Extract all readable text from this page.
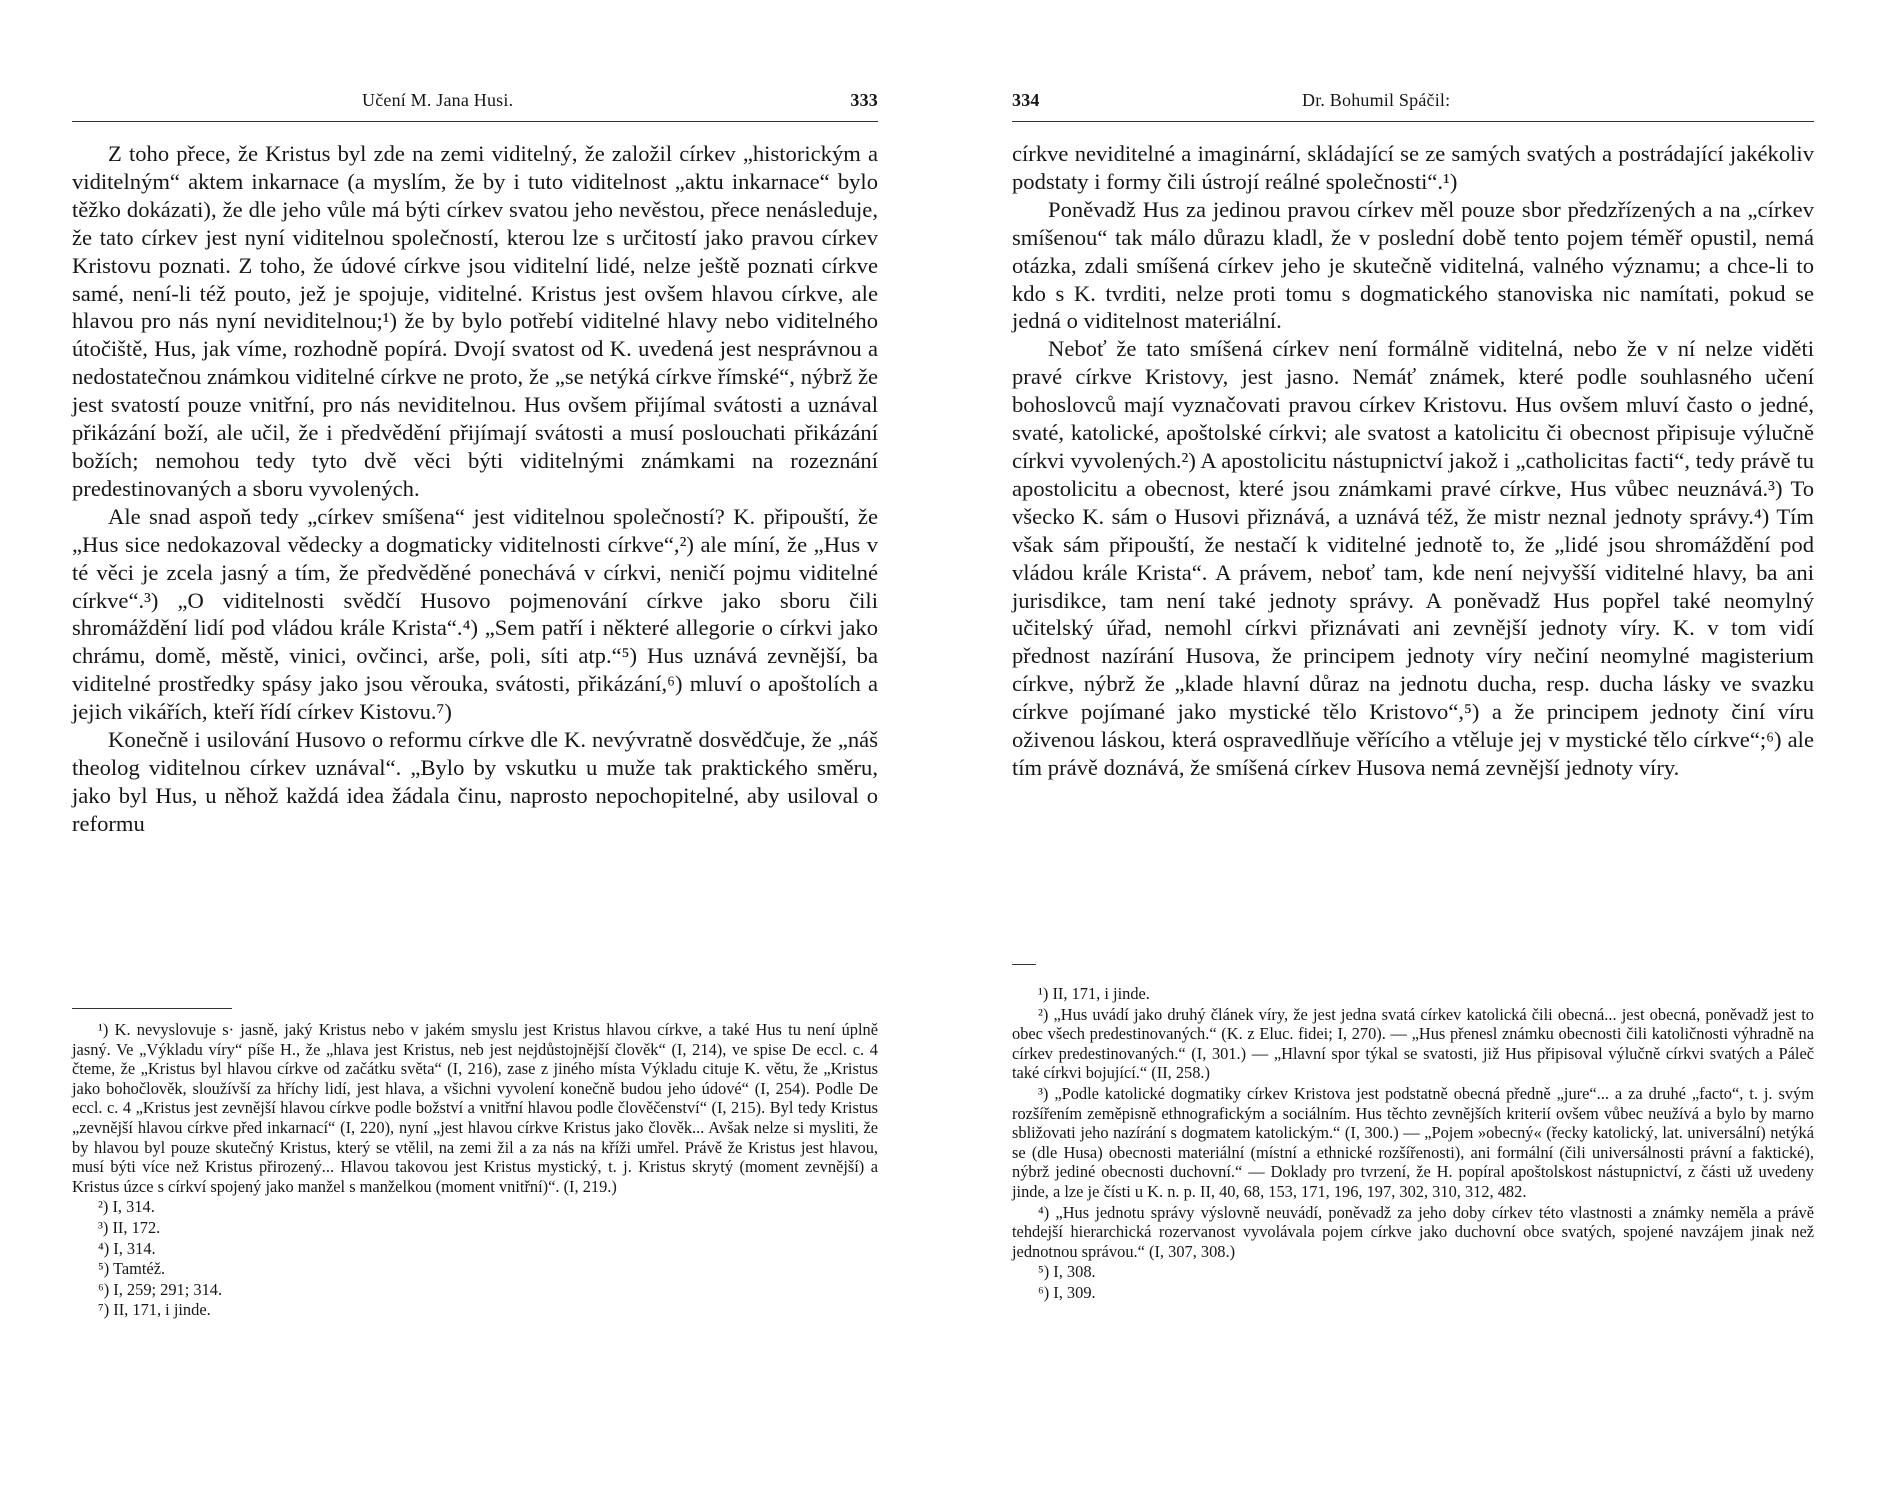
Učení M. Jana Husi.	333

Z toho přece, že Kristus byl zde na zemi viditelný, že založil církev „historickým a viditelným“ aktem inkarnace (a myslím, že by i tuto viditelnost „aktu inkarnace“ bylo těžko dokázati), že dle jeho vůle má býti církev svatou jeho nevěstou, přece nenásleduje, že tato církev jest nyní viditelnou společností, kterou lze s určitostí jako pravou církev Kristovu poznati. Z toho, že údové církve jsou viditelní lidé, nelze ještě poznati církve samé, není-li též pouto, jež je spojuje, viditelné. Kristus jest ovšem hlavou církve, ale hlavou pro nás nyní neviditelnou;¹) že by bylo potřebí viditelné hlavy nebo viditelného útočiště, Hus, jak víme, rozhodně popírá. Dvojí svatost od K. uvedená jest nesprávnou a nedostatečnou známkou viditelné církve ne proto, že „se netýká církve římské“, nýbrž že jest svatostí pouze vnitřní, pro nás neviditelnou. Hus ovšem přijímal svátosti a uznával přikázání boží, ale učil, že i předvědění přijímají svátosti a musí poslouchati přikázání božích; nemohou tedy tyto dvě věci býti viditelnými známkami na rozeznání predestinovaných a sboru vyvolených.

Ale snad aspoň tedy „církev smíšena“ jest viditelnou společností? K. připouští, že „Hus sice nedokazoval vědecky a dogmaticky viditelnosti církve“,²) ale míní, že „Hus v té věci je zcela jasný a tím, že předvěděné ponechává v církvi, neničí pojmu viditelné církve“.³) „O viditelnosti svědčí Husovo pojmenování církve jako sboru čili shromáždění lidí pod vládou krále Krista“.⁴) „Sem patří i některé allegorie o církvi jako chrámu, domě, městě, vinici, ovčinci, arše, poli, síti atp.“⁵) Hus uznává zevnější, ba viditelné prostředky spásy jako jsou věrouka, svátosti, přikázání,⁶) mluví o apoštolích a jejich vikářích, kteří řídí církev Kistovu.⁷)

Konečně i usilování Husovo o reformu církve dle K. nevývratně dosvědčuje, že „náš theolog viditelnou církev uznával“. „Bylo by vskutku u muže tak praktického směru, jako byl Hus, u něhož každá idea žádala činu, naprosto nepochopitelné, aby usiloval o reformu

¹) K. nevyslovuje s· jasně, jaký Kristus nebo v jakém smyslu jest Kristus hlavou církve, a také Hus tu není úplně jasný. Ve „Výkladu víry“ píše H., že „hlava jest Kristus, neb jest nejdůstojnější člověk“ (I, 214), ve spise De eccl. c. 4 čteme, že „Kristus byl hlavou církve od začátku světa“ (I, 216), zase z jiného místa Výkladu cituje K. větu, že „Kristus jako bohočlověk, sloužívší za hříchy lidí, jest hlava, a všichni vyvolení konečně budou jeho údové“ (I, 254). Podle De eccl. c. 4 „Kristus jest zevnější hlavou církve podle božství a vnitřní hlavou podle člověčenství“ (I, 215). Byl tedy Kristus „zevnější hlavou církve před inkarnací“ (I, 220), nyní „jest hlavou církve Kristus jako člověk... Avšak nelze si mysliti, že by hlavou byl pouze skutečný Kristus, který se vtělil, na zemi žil a za nás na kříži umřel. Právě že Kristus jest hlavou, musí býti více než Kristus přirozený... Hlavou takovou jest Kristus mystický, t. j. Kristus skrytý (moment zevnější) a Kristus úzce s církví spojený jako manžel s manželkou (moment vnitřní)“. (I, 219.)

²) I, 314.

³) II, 172.

⁴) I, 314.

⁵) Tamtéž.

⁶) I, 259; 291; 314.

⁷) II, 171, i jinde.

334	Dr. Bohumil Spáčil:

církve neviditelné a imaginární, skládající se ze samých svatých a postrádající jakékoliv podstaty i formy čili ústrojí reálné společnosti“.¹)

Poněvadž Hus za jedinou pravou církev měl pouze sbor předzřízených a na „církev smíšenou“ tak málo důrazu kladl, že v poslední době tento pojem téměř opustil, nemá otázka, zdali smíšená církev jeho je skutečně viditelná, valného významu; a chce-li to kdo s K. tvrditi, nelze proti tomu s dogmatického stanoviska nic namítati, pokud se jedná o viditelnost materiální.

Neboť že tato smíšená církev není formálně viditelná, nebo že v ní nelze viděti pravé církve Kristovy, jest jasno. Nemáť známek, které podle souhlasného učení bohoslovců mají vyznačovati pravou církev Kristovu. Hus ovšem mluví často o jedné, svaté, katolické, apoštolské církvi; ale svatost a katolicitu či obecnost připisuje výlučně církvi vyvolených.²) A apostolicitu nástupnictví jakož i „catholicitas facti“, tedy právě tu apostolicitu a obecnost, které jsou známkami pravé církve, Hus vůbec neuznává.³) To všecko K. sám o Husovi přiznává, a uznává též, že mistr neznal jednoty správy.⁴) Tím však sám připouští, že nestačí k viditelné jednotě to, že „lidé jsou shromáždění pod vládou krále Krista“. A právem, neboť tam, kde není nejvyšší viditelné hlavy, ba ani jurisdikce, tam není také jednoty správy. A poněvadž Hus popřel také neomylný učitelský úřad, nemohl církvi přiznávati ani zevnější jednoty víry. K. v tom vidí přednost nazírání Husova, že principem jednoty víry nečiní neomylné magisterium církve, nýbrž že „klade hlavní důraz na jednotu ducha, resp. ducha lásky ve svazku církve pojímané jako mystické tělo Kristovo“,⁵) a že principem jednoty činí víru oživenou láskou, která ospravedlňuje věřícího a vtěluje jej v mystické tělo církve“;⁶) ale tím právě doznává, že smíšená církev Husova nemá zevnější jednoty víry.

¹) II, 171, i jinde.

²) „Hus uvádí jako druhý článek víry, že jest jedna svatá církev katolická čili obecná... jest obecná, poněvadž jest to obec všech predestinovaných.“ (K. z Eluc. fidei; I, 270). — „Hus přenesl známku obecnosti čili katoličnosti výhradně na církev predestinovaných.“ (I, 301.) — „Hlavní spor týkal se svatosti, již Hus připisoval výlučně církvi svatých a Páleč také církvi bojující.“ (II, 258.)

³) „Podle katolické dogmatiky církev Kristova jest podstatně obecná předně „jure“... a za druhé „facto“, t. j. svým rozšířením zeměpisně ethnografickým a sociálním. Hus těchto zevnějších kriterií ovšem vůbec neužívá a bylo by marno sbližovati jeho nazírání s dogmatem katolickým.“ (I, 300.) — „Pojem »obecný« (řecky katolický, lat. universální) netýká se (dle Husa) obecnosti materiální (místní a ethnické rozšířenosti), ani formální (čili universálnosti právní a faktické), nýbrž jediné obecnosti duchovní.“ — Doklady pro tvrzení, že H. popíral apoštolskost nástupnictví, z části už uvedeny jinde, a lze je čísti u K. n. p. II, 40, 68, 153, 171, 196, 197, 302, 310, 312, 482.

⁴) „Hus jednotu správy výslovně neuvádí, poněvadž za jeho doby církev této vlastnosti a známky neměla a právě tehdejší hierarchická rozervanost vyvolávala pojem církve jako duchovní obce svatých, spojené navzájem jinak než jednotnou správou.“ (I, 307, 308.)

⁵) I, 308.

⁶) I, 309.
